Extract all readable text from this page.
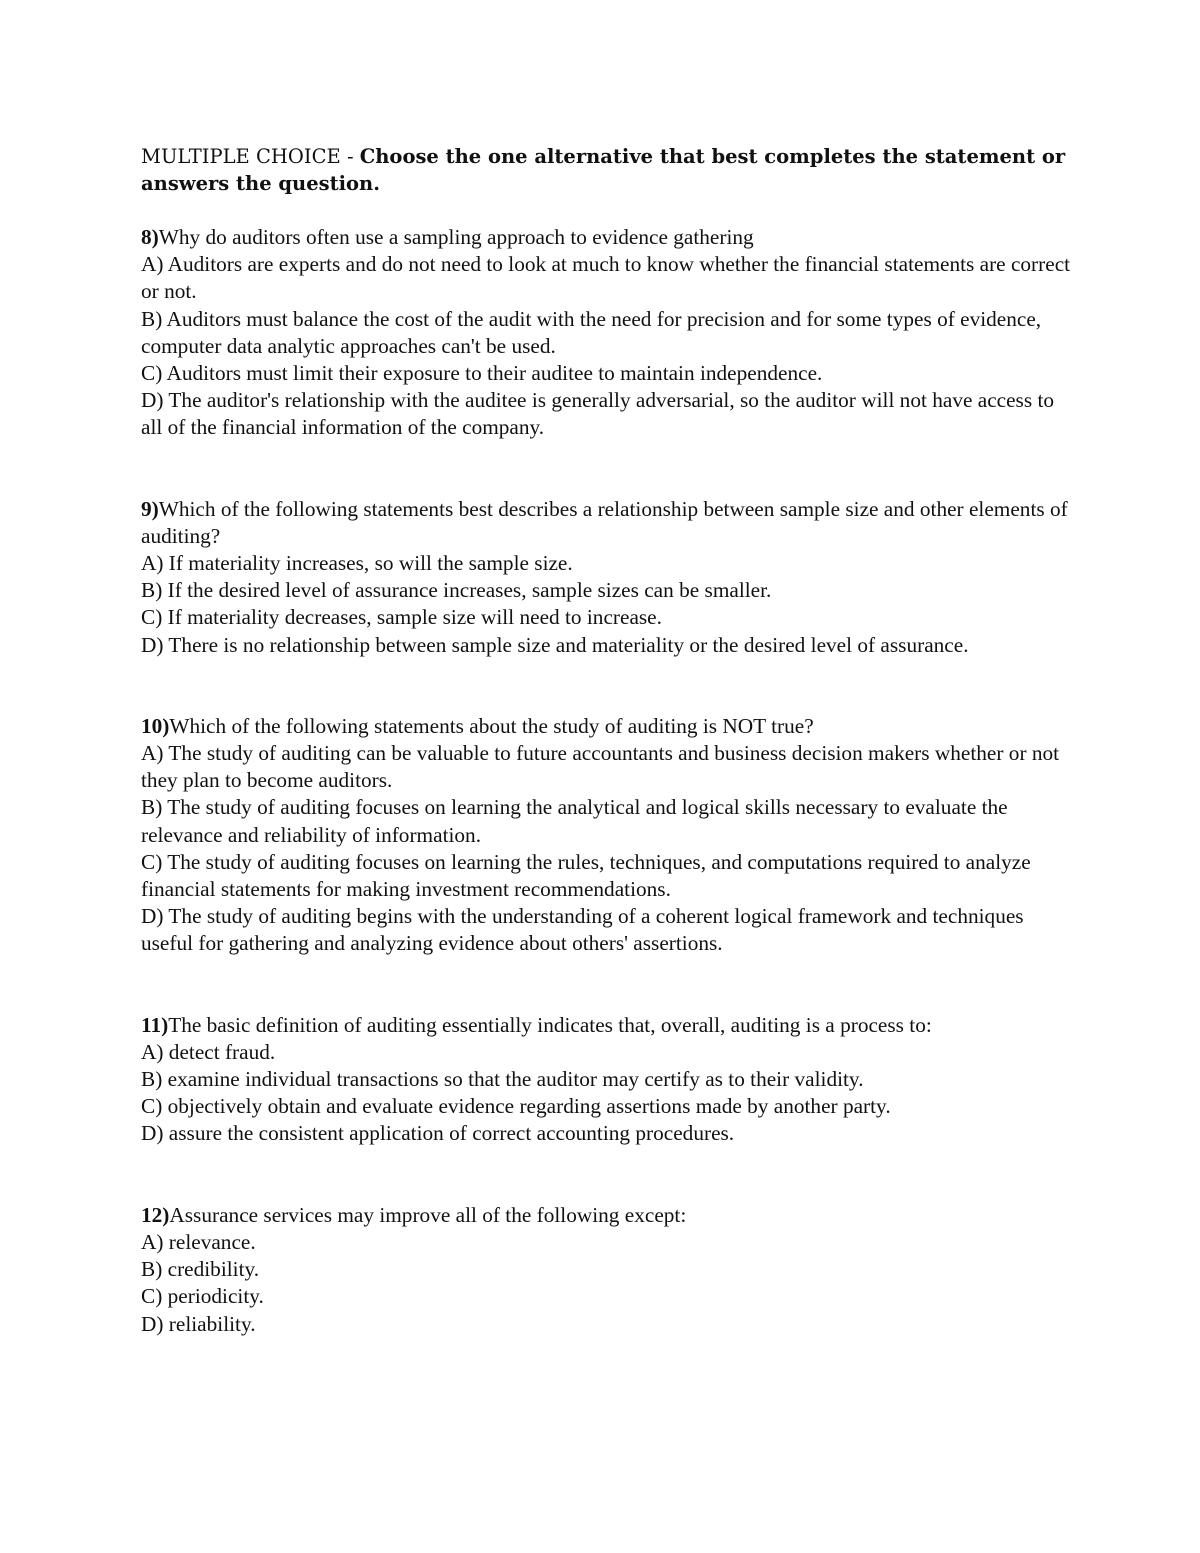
MULTIPLE CHOICE - Choose the one alternative that best completes the statement or answers the question.

8)Why do auditors often use a sampling approach to evidence gathering

A) Auditors are experts and do not need to look at much to know whether the financial statements are correct or not.

B) Auditors must balance the cost of the audit with the need for precision and for some types of evidence, computer data analytic approaches can't be used.

C) Auditors must limit their exposure to their auditee to maintain independence.

D) The auditor's relationship with the auditee is generally adversarial, so the auditor will not have access to all of the financial information of the company.

9)Which of the following statements best describes a relationship between sample size and other elements of auditing?

A) If materiality increases, so will the sample size.

B) If the desired level of assurance increases, sample sizes can be smaller.

C) If materiality decreases, sample size will need to increase.

D) There is no relationship between sample size and materiality or the desired level of assurance.

10)Which of the following statements about the study of auditing is NOT true?

A) The study of auditing can be valuable to future accountants and business decision makers whether or not they plan to become auditors.

B) The study of auditing focuses on learning the analytical and logical skills necessary to evaluate the relevance and reliability of information.

C) The study of auditing focuses on learning the rules, techniques, and computations required to analyze financial statements for making investment recommendations.

D) The study of auditing begins with the understanding of a coherent logical framework and techniques useful for gathering and analyzing evidence about others' assertions.

11)The basic definition of auditing essentially indicates that, overall, auditing is a process to:

A) detect fraud.

B) examine individual transactions so that the auditor may certify as to their validity.

C) objectively obtain and evaluate evidence regarding assertions made by another party.

D) assure the consistent application of correct accounting procedures.

12)Assurance services may improve all of the following except:

A) relevance.

B) credibility.

C) periodicity.

D) reliability.
